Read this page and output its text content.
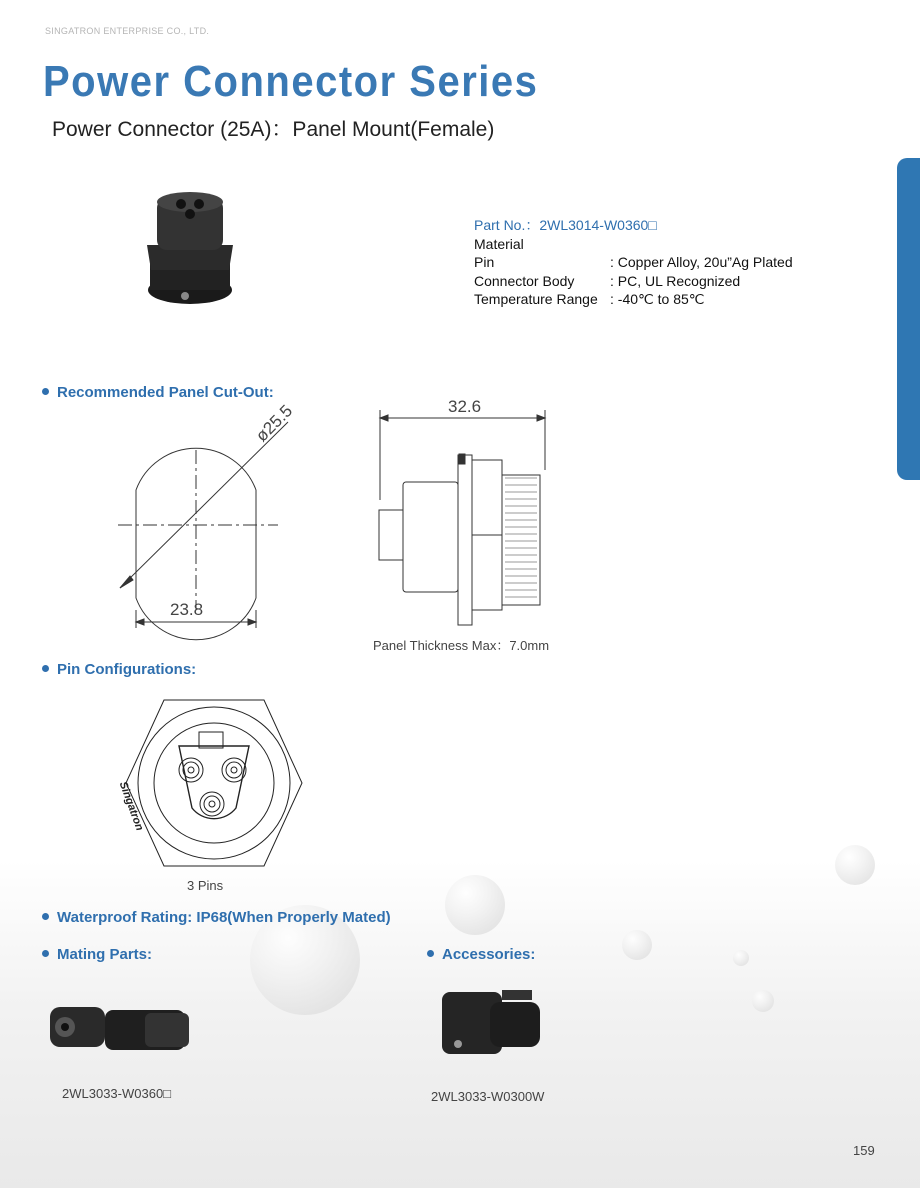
SINGATRON ENTERPRISE CO., LTD.
Power Connector Series
Power Connector (25A)：Panel Mount(Female)
Part No.：2WL3014-W0360□
Material
Pin	: Copper Alloy, 20u”Ag Plated
Connector Body	: PC, UL Recognized
Temperature Range : -40℃ to 85℃
Recommended Panel Cut-Out:
ø25.5
23.8
32.6
Panel Thickness Max：7.0mm
Pin Configurations:
Singatron
3 Pins
Waterproof Rating: IP68(When Properly Mated)
Mating Parts:	Accessories:
2WL3033-W0360□	2WL3033-W0300W
159
